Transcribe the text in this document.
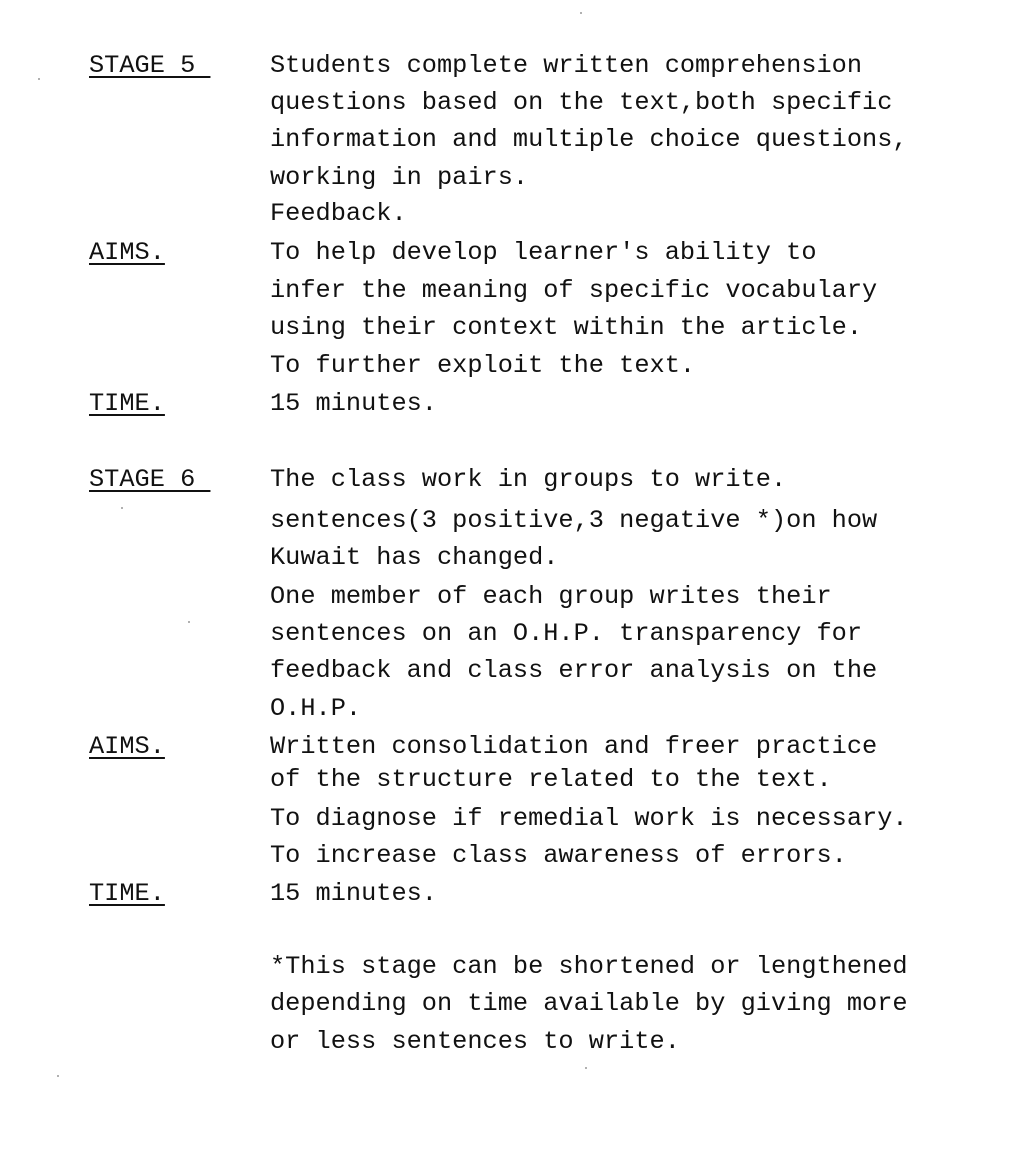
STAGE 5 Students complete written comprehension
questions based on the text,both specific
information and multiple choice questions,
working in pairs.
Feedback.
AIMS.	To help develop learner's ability to
infer the meaning of specific vocabulary
using their context within the article.
To further exploit the text.
TIME.	15 minutes.
STAGE 6 The class work in groups to write.
sentences(3 positive,3 negative *)on how
Kuwait has changed.
One member of each group writes their
sentences on an O.H.P. transparency for
feedback and class error analysis on the
O.H.P.
AIMS.	Written consolidation and freer practice
of the structure related to the text.
To diagnose if remedial work is necessary.
To increase class awareness of errors.
TIME.	15 minutes.
*This stage can be shortened or lengthened
depending on time available by giving more
or less sentences to write.
